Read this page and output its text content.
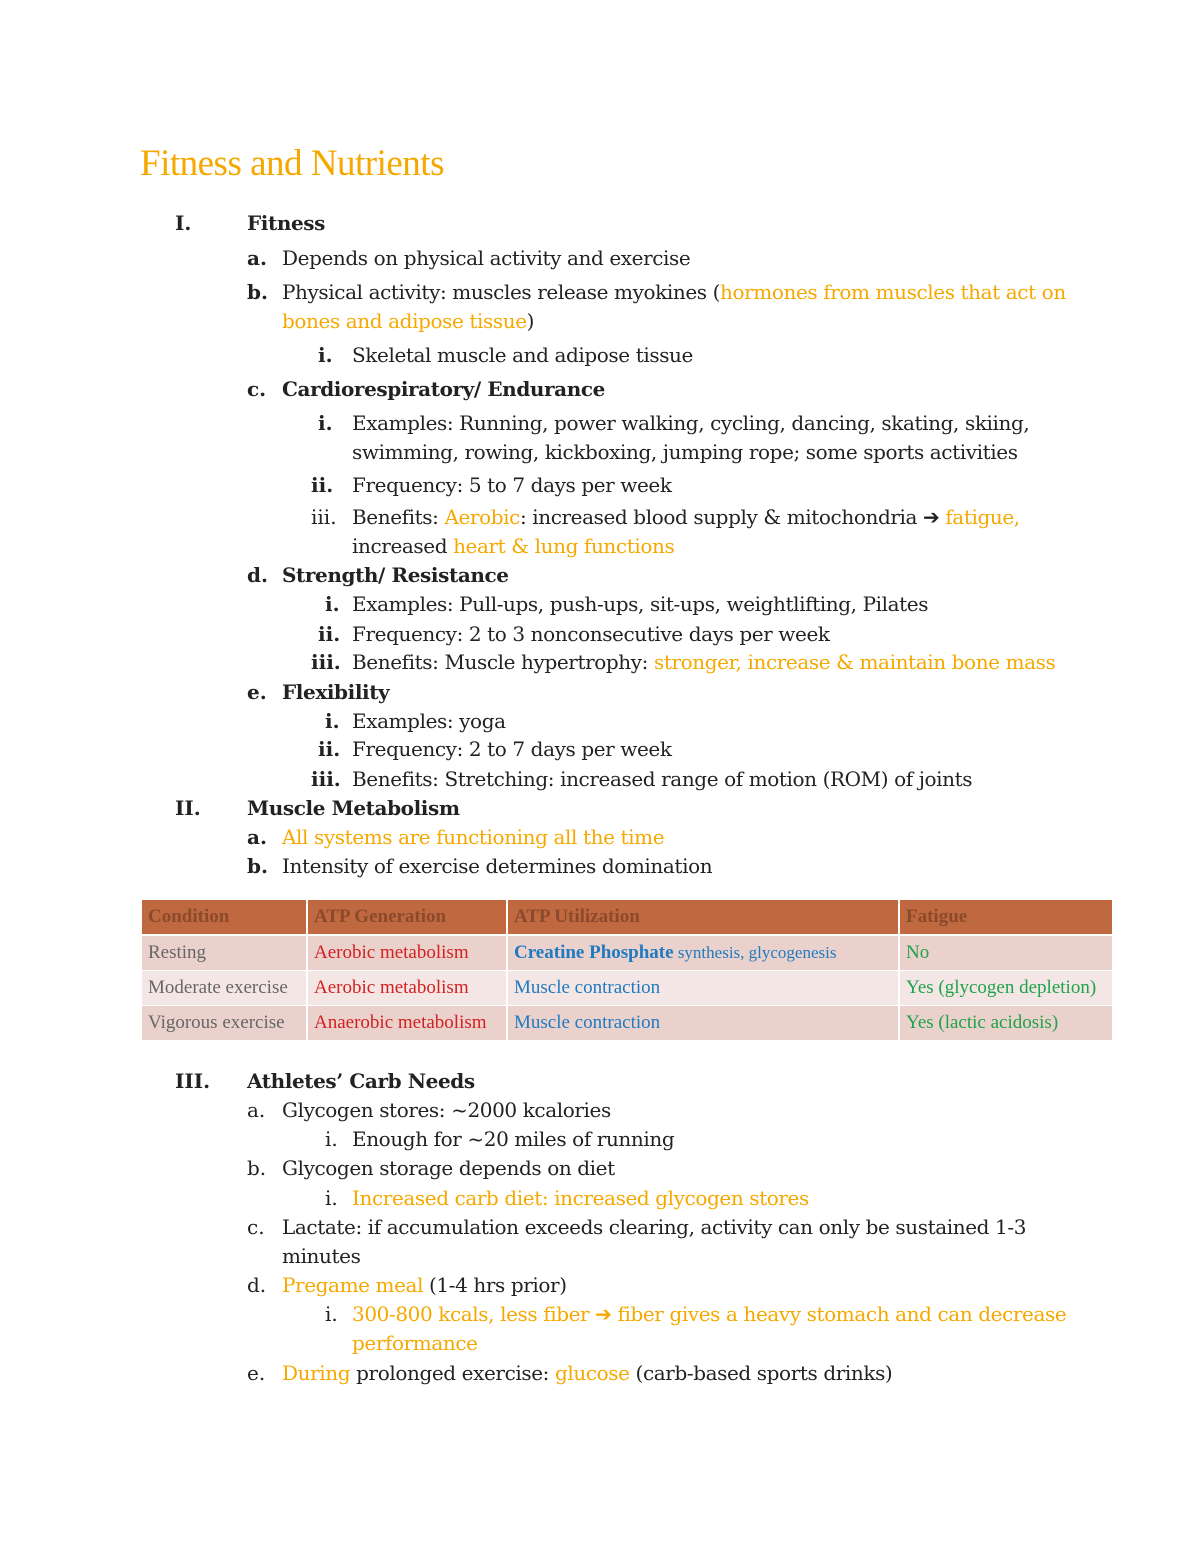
Fitness and Nutrients
I.	Fitness
a. Depends on physical activity and exercise
b. Physical activity: muscles release myokines (hormones from muscles that act on
bones and adipose tissue)
i. Skeletal muscle and adipose tissue
c. Cardiorespiratory/ Endurance
i. Examples: Running, power walking, cycling, dancing, skating, skiing,
swimming, rowing, kickboxing, jumping rope; some sports activities
ii. Frequency: 5 to 7 days per week
iii. Benefits: Aerobic: increased blood supply & mitochondria ➔ fatigue,
increased heart & lung functions
d. Strength/ Resistance
i. Examples: Pull-ups, push-ups, sit-ups, weightlifting, Pilates
ii. Frequency: 2 to 3 nonconsecutive days per week
iii. Benefits: Muscle hypertrophy: stronger, increase & maintain bone mass
e. Flexibility
i. Examples: yoga
ii. Frequency: 2 to 7 days per week
iii. Benefits: Stretching: increased range of motion (ROM) of joints
II. Muscle Metabolism
a. All systems are functioning all the time
b. Intensity of exercise determines domination
Condition	ATP Generation	ATP Utilization	Fatigue
Resting	Aerobic metabolism	Creatine Phosphate synthesis, glycogenesis	No
Moderate exercise	Aerobic metabolism	Muscle contraction	Yes (glycogen depletion)
Vigorous exercise	Anaerobic metabolism	Muscle contraction	Yes (lactic acidosis)
III. Athletes’ Carb Needs
a. Glycogen stores: ~2000 kcalories
i. Enough for ~20 miles of running
b. Glycogen storage depends on diet
i. Increased carb diet: increased glycogen stores
c. Lactate: if accumulation exceeds clearing, activity can only be sustained 1-3
minutes
d. Pregame meal (1-4 hrs prior)
i. 300-800 kcals, less fiber ➔ fiber gives a heavy stomach and can decrease
performance
e. During prolonged exercise: glucose (carb-based sports drinks)
